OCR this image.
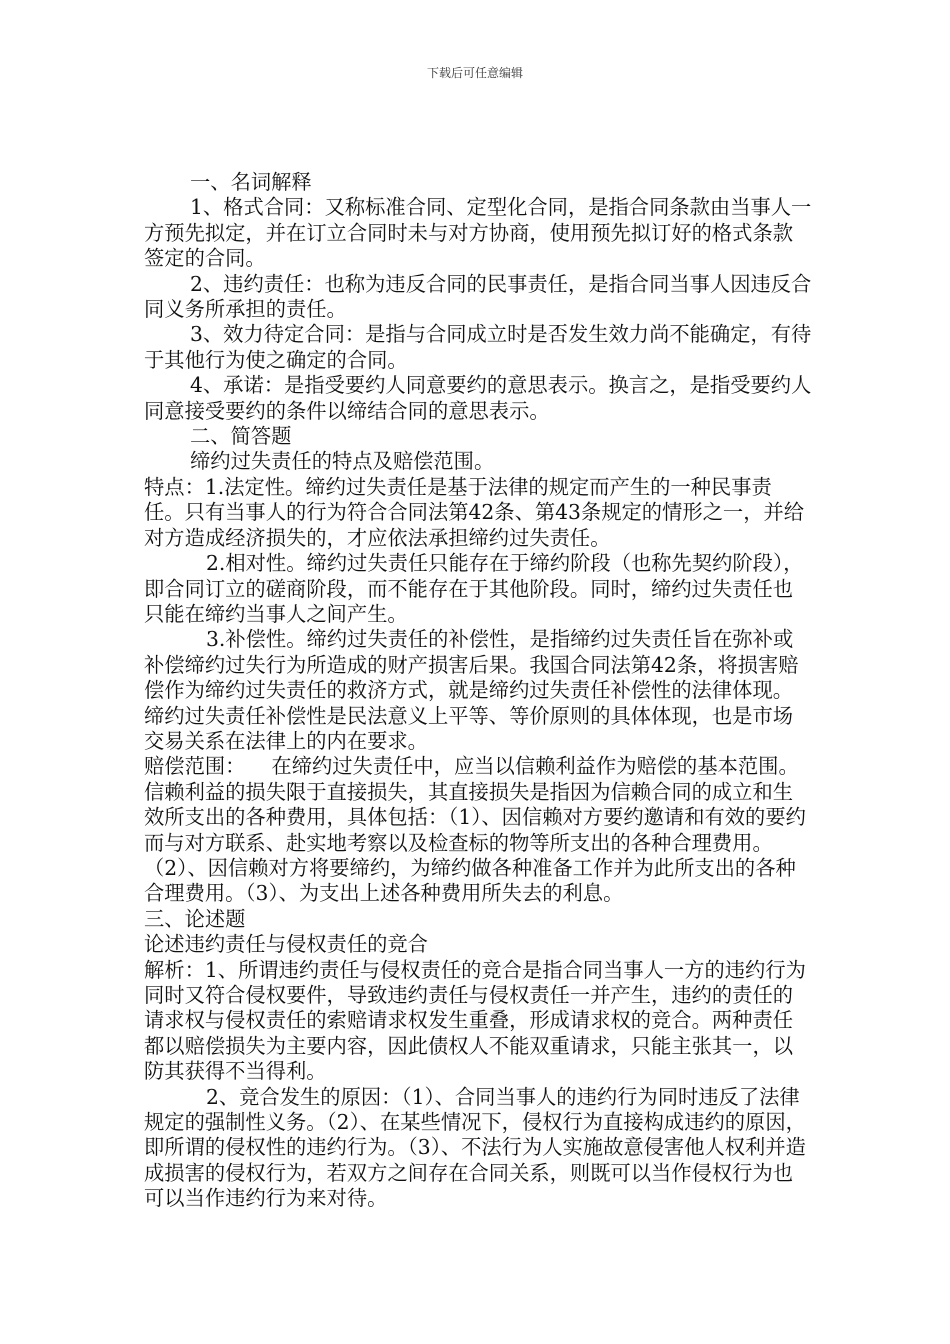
下载后可任意编辑

一、名词解释

1、格式合同：又称标准合同、定型化合同，是指合同条款由当事人一方预先拟定，并在订立合同时未与对方协商，使用预先拟订好的格式条款签定的合同。

2、违约责任：也称为违反合同的民事责任，是指合同当事人因违反合同义务所承担的责任。

3、效力待定合同：是指与合同成立时是否发生效力尚不能确定，有待于其他行为使之确定的合同。

4、承诺：是指受要约人同意要约的意思表示。换言之，是指受要约人同意接受要约的条件以缔结合同的意思表示。

二、简答题

缔约过失责任的特点及赔偿范围。

特点：1.法定性。缔约过失责任是基于法律的规定而产生的一种民事责任。只有当事人的行为符合合同法第42条、第43条规定的情形之一，并给对方造成经济损失的，才应依法承担缔约过失责任。

2.相对性。缔约过失责任只能存在于缔约阶段（也称先契约阶段），即合同订立的磋商阶段，而不能存在于其他阶段。同时，缔约过失责任也只能在缔约当事人之间产生。

3.补偿性。缔约过失责任的补偿性，是指缔约过失责任旨在弥补或补偿缔约过失行为所造成的财产损害后果。我国合同法第42条，将损害赔偿作为缔约过失责任的救济方式，就是缔约过失责任补偿性的法律体现。缔约过失责任补偿性是民法意义上平等、等价原则的具体体现，也是市场交易关系在法律上的内在要求。

赔偿范围： 在缔约过失责任中，应当以信赖利益作为赔偿的基本范围。信赖利益的损失限于直接损失，其直接损失是指因为信赖合同的成立和生效所支出的各种费用，具体包括：（1）、因信赖对方要约邀请和有效的要约而与对方联系、赴实地考察以及检查标的物等所支出的各种合理费用。（2）、因信赖对方将要缔约，为缔约做各种准备工作并为此所支出的各种合理费用。（3）、为支出上述各种费用所失去的利息。

三、论述题

论述违约责任与侵权责任的竞合

解析：1、所谓违约责任与侵权责任的竞合是指合同当事人一方的违约行为同时又符合侵权要件，导致违约责任与侵权责任一并产生，违约的责任的请求权与侵权责任的索赔请求权发生重叠，形成请求权的竞合。两种责任都以赔偿损失为主要内容，因此债权人不能双重请求，只能主张其一，以防其获得不当得利。

2、竞合发生的原因：（1）、合同当事人的违约行为同时违反了法律规定的强制性义务。（2）、在某些情况下，侵权行为直接构成违约的原因，即所谓的侵权性的违约行为。（3）、不法行为人实施故意侵害他人权利并造成损害的侵权行为，若双方之间存在合同关系，则既可以当作侵权行为也可以当作违约行为来对待。
